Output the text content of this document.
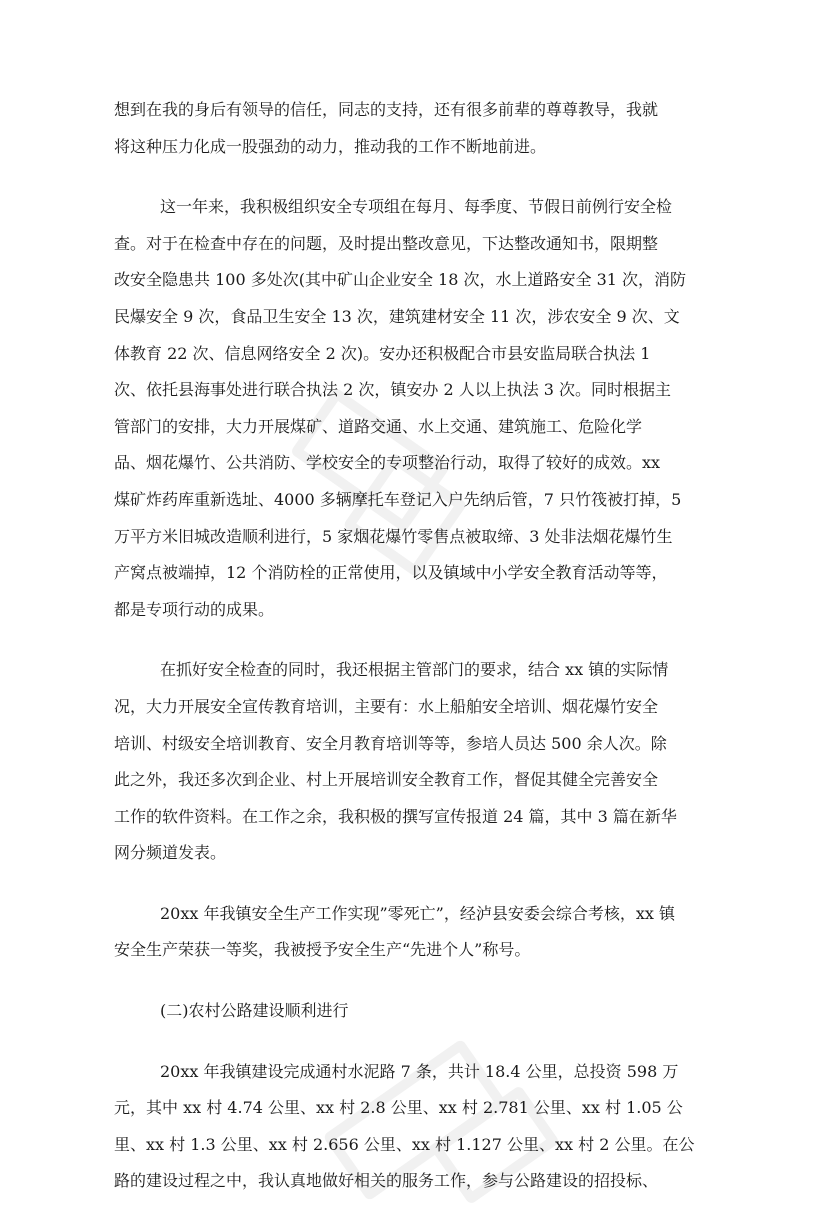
想到在我的身后有领导的信任，同志的支持，还有很多前辈的尊尊教导，我就
将这种压力化成一股强劲的动力，推动我的工作不断地前进。
这一年来，我积极组织安全专项组在每月、每季度、节假日前例行安全检
查。对于在检查中存在的问题，及时提出整改意见，下达整改通知书，限期整
改安全隐患共 100 多处次(其中矿山企业安全 18 次，水上道路安全 31 次，消防
民爆安全 9 次，食品卫生安全 13 次，建筑建材安全 11 次，涉农安全 9 次、文
体教育 22 次、信息网络安全 2 次)。安办还积极配合市县安监局联合执法 1
次、依托县海事处进行联合执法 2 次，镇安办 2 人以上执法 3 次。同时根据主
管部门的安排，大力开展煤矿、道路交通、水上交通、建筑施工、危险化学
品、烟花爆竹、公共消防、学校安全的专项整治行动，取得了较好的成效。xx
煤矿炸药库重新选址、4000 多辆摩托车登记入户先纳后管，7 只竹筏被打掉，5
万平方米旧城改造顺利进行，5 家烟花爆竹零售点被取缔、3 处非法烟花爆竹生
产窝点被端掉，12 个消防栓的正常使用，以及镇域中小学安全教育活动等等，
都是专项行动的成果。
在抓好安全检查的同时，我还根据主管部门的要求，结合 xx 镇的实际情
况，大力开展安全宣传教育培训，主要有：水上船舶安全培训、烟花爆竹安全
培训、村级安全培训教育、安全月教育培训等等，参培人员达 500 余人次。除
此之外，我还多次到企业、村上开展培训安全教育工作，督促其健全完善安全
工作的软件资料。在工作之余，我积极的撰写宣传报道 24 篇，其中 3 篇在新华
网分频道发表。
20xx 年我镇安全生产工作实现”零死亡”，经泸县安委会综合考核，xx 镇
安全生产荣获一等奖，我被授予安全生产“先进个人”称号。
(二)农村公路建设顺利进行
20xx 年我镇建设完成通村水泥路 7 条，共计 18.4 公里，总投资 598 万
元，其中 xx 村 4.74 公里、xx 村 2.8 公里、xx 村 2.781 公里、xx 村 1.05 公
里、xx 村 1.3 公里、xx 村 2.656 公里、xx 村 1.127 公里、xx 村 2 公里。在公
路的建设过程之中，我认真地做好相关的服务工作，参与公路建设的招投标、
